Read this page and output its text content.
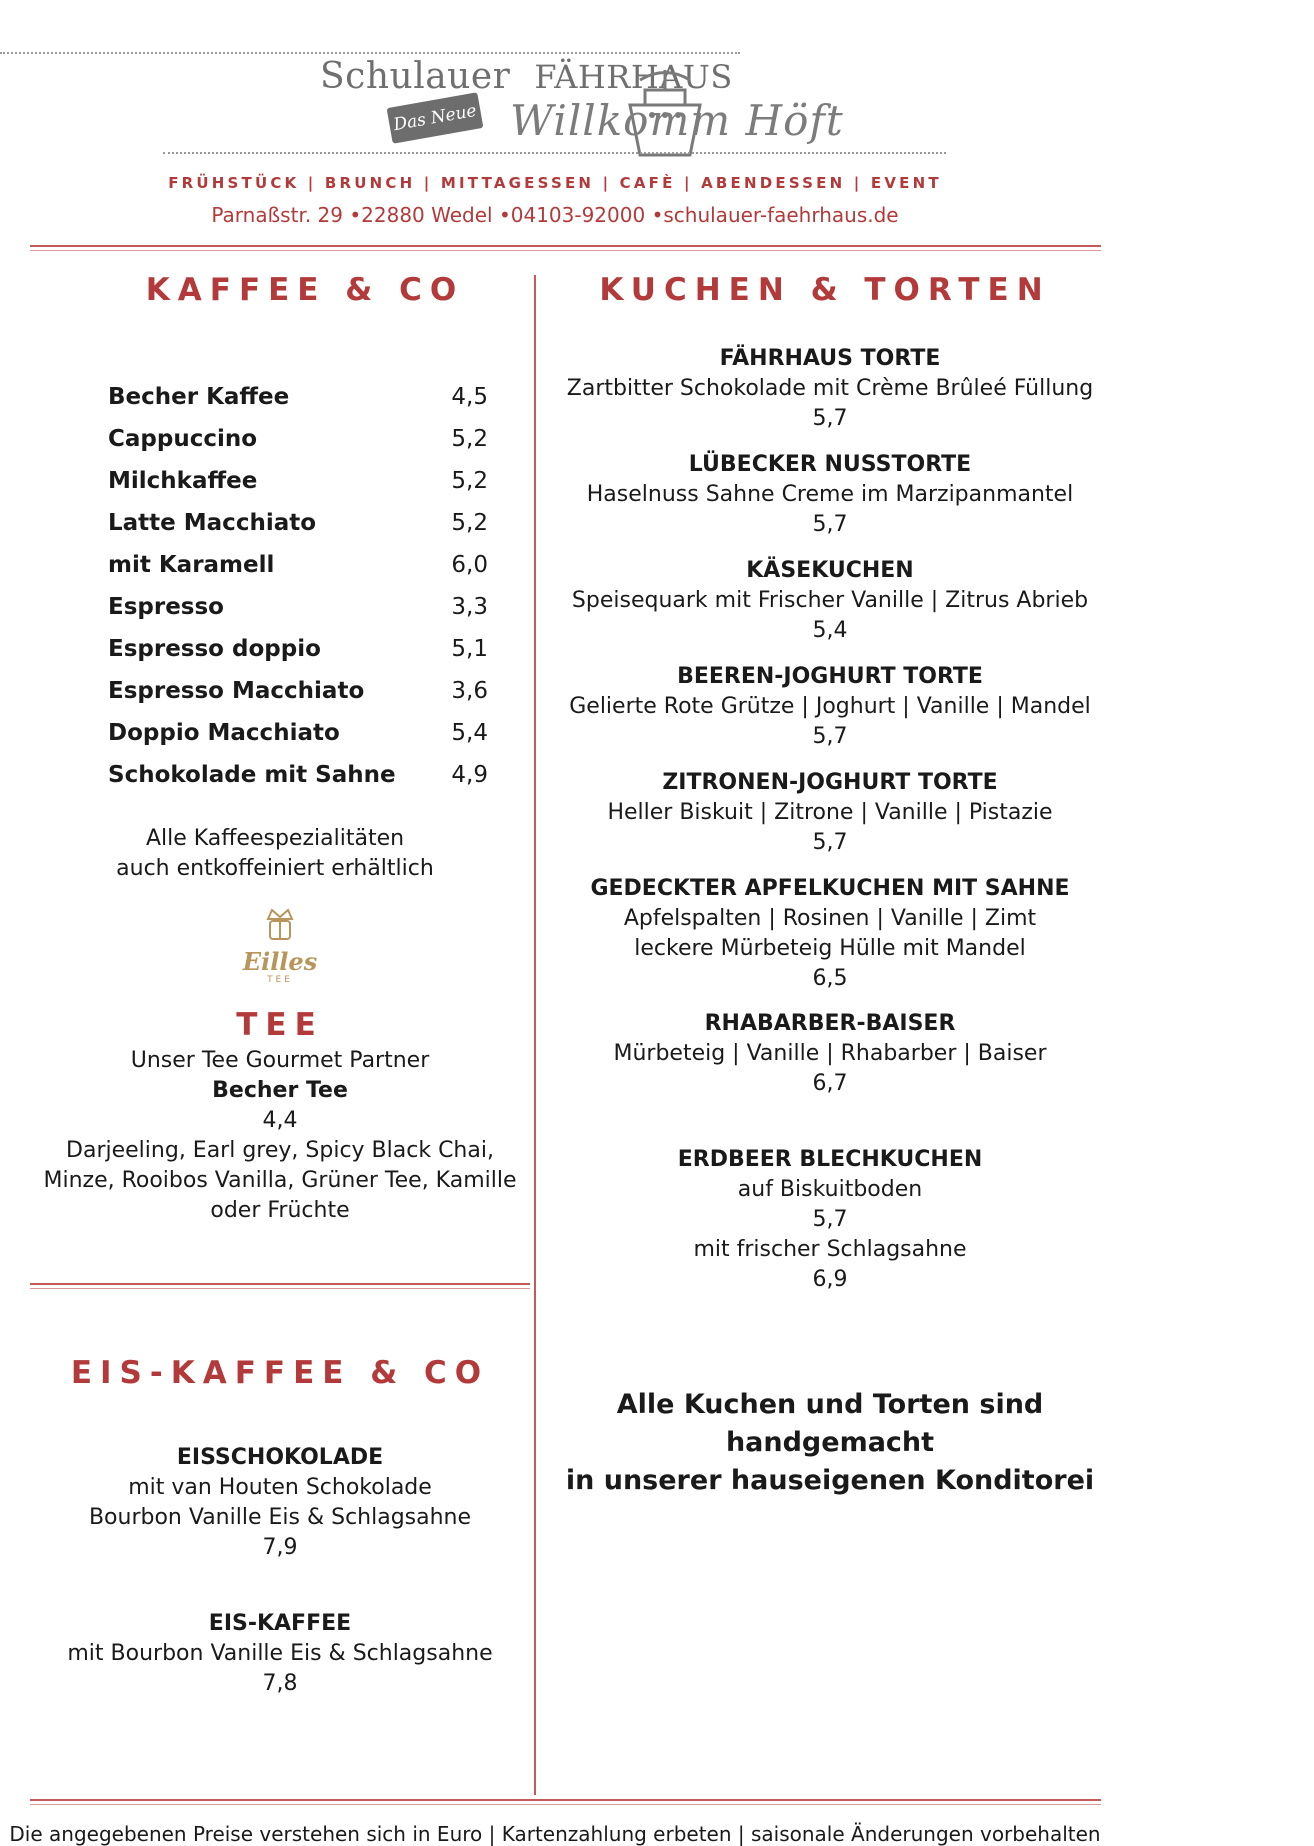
Schulauer FÄHRHAUS
Das Neue Willkomm Höft
FRÜHSTÜCK | BRUNCH | MITTAGESSEN | CAFÈ | ABENDESSEN | EVENT
Parnaßstr. 29 •22880 Wedel •04103-92000 •schulauer-faehrhaus.de
KAFFEE & CO
Becher Kaffee	4,5
Cappuccino	5,2
Milchkaffee	5,2
Latte Macchiato	5,2
mit Karamell	6,0
Espresso	3,3
Espresso doppio	5,1
Espresso Macchiato	3,6
Doppio Macchiato	5,4
Schokolade mit Sahne 4,9
Alle Kaffeespezialitäten
auch entkoffeiniert erhältlich
Eilles
TEE
TEE
Unser Tee Gourmet Partner
Becher Tee
4,4
Darjeeling, Earl grey, Spicy Black Chai,
Minze, Rooibos Vanilla, Grüner Tee, Kamille
oder Früchte
EIS-KAFFEE & CO
EISSCHOKOLADE
mit van Houten Schokolade
Bourbon Vanille Eis & Schlagsahne
7,9
EIS-KAFFEE
mit Bourbon Vanille Eis & Schlagsahne
7,8
KUCHEN & TORTEN
FÄHRHAUS TORTE
Zartbitter Schokolade mit Crème Brûleé Füllung
5,7
LÜBECKER NUSSTORTE
Haselnuss Sahne Creme im Marzipanmantel
5,7
KÄSEKUCHEN
Speisequark mit Frischer Vanille | Zitrus Abrieb
5,4
BEEREN-JOGHURT TORTE
Gelierte Rote Grütze | Joghurt | Vanille | Mandel
5,7
ZITRONEN-JOGHURT TORTE
Heller Biskuit | Zitrone | Vanille | Pistazie
5,7
GEDECKTER APFELKUCHEN MIT SAHNE
Apfelspalten | Rosinen | Vanille | Zimt
leckere Mürbeteig Hülle mit Mandel
6,5
RHABARBER-BAISER
Mürbeteig | Vanille | Rhabarber | Baiser
6,7
ERDBEER BLECHKUCHEN
auf Biskuitboden
5,7
mit frischer Schlagsahne
6,9
Alle Kuchen und Torten sind handgemacht
in unserer hauseigenen Konditorei
Die angegebenen Preise verstehen sich in Euro | Kartenzahlung erbeten | saisonale Änderungen vorbehalten
